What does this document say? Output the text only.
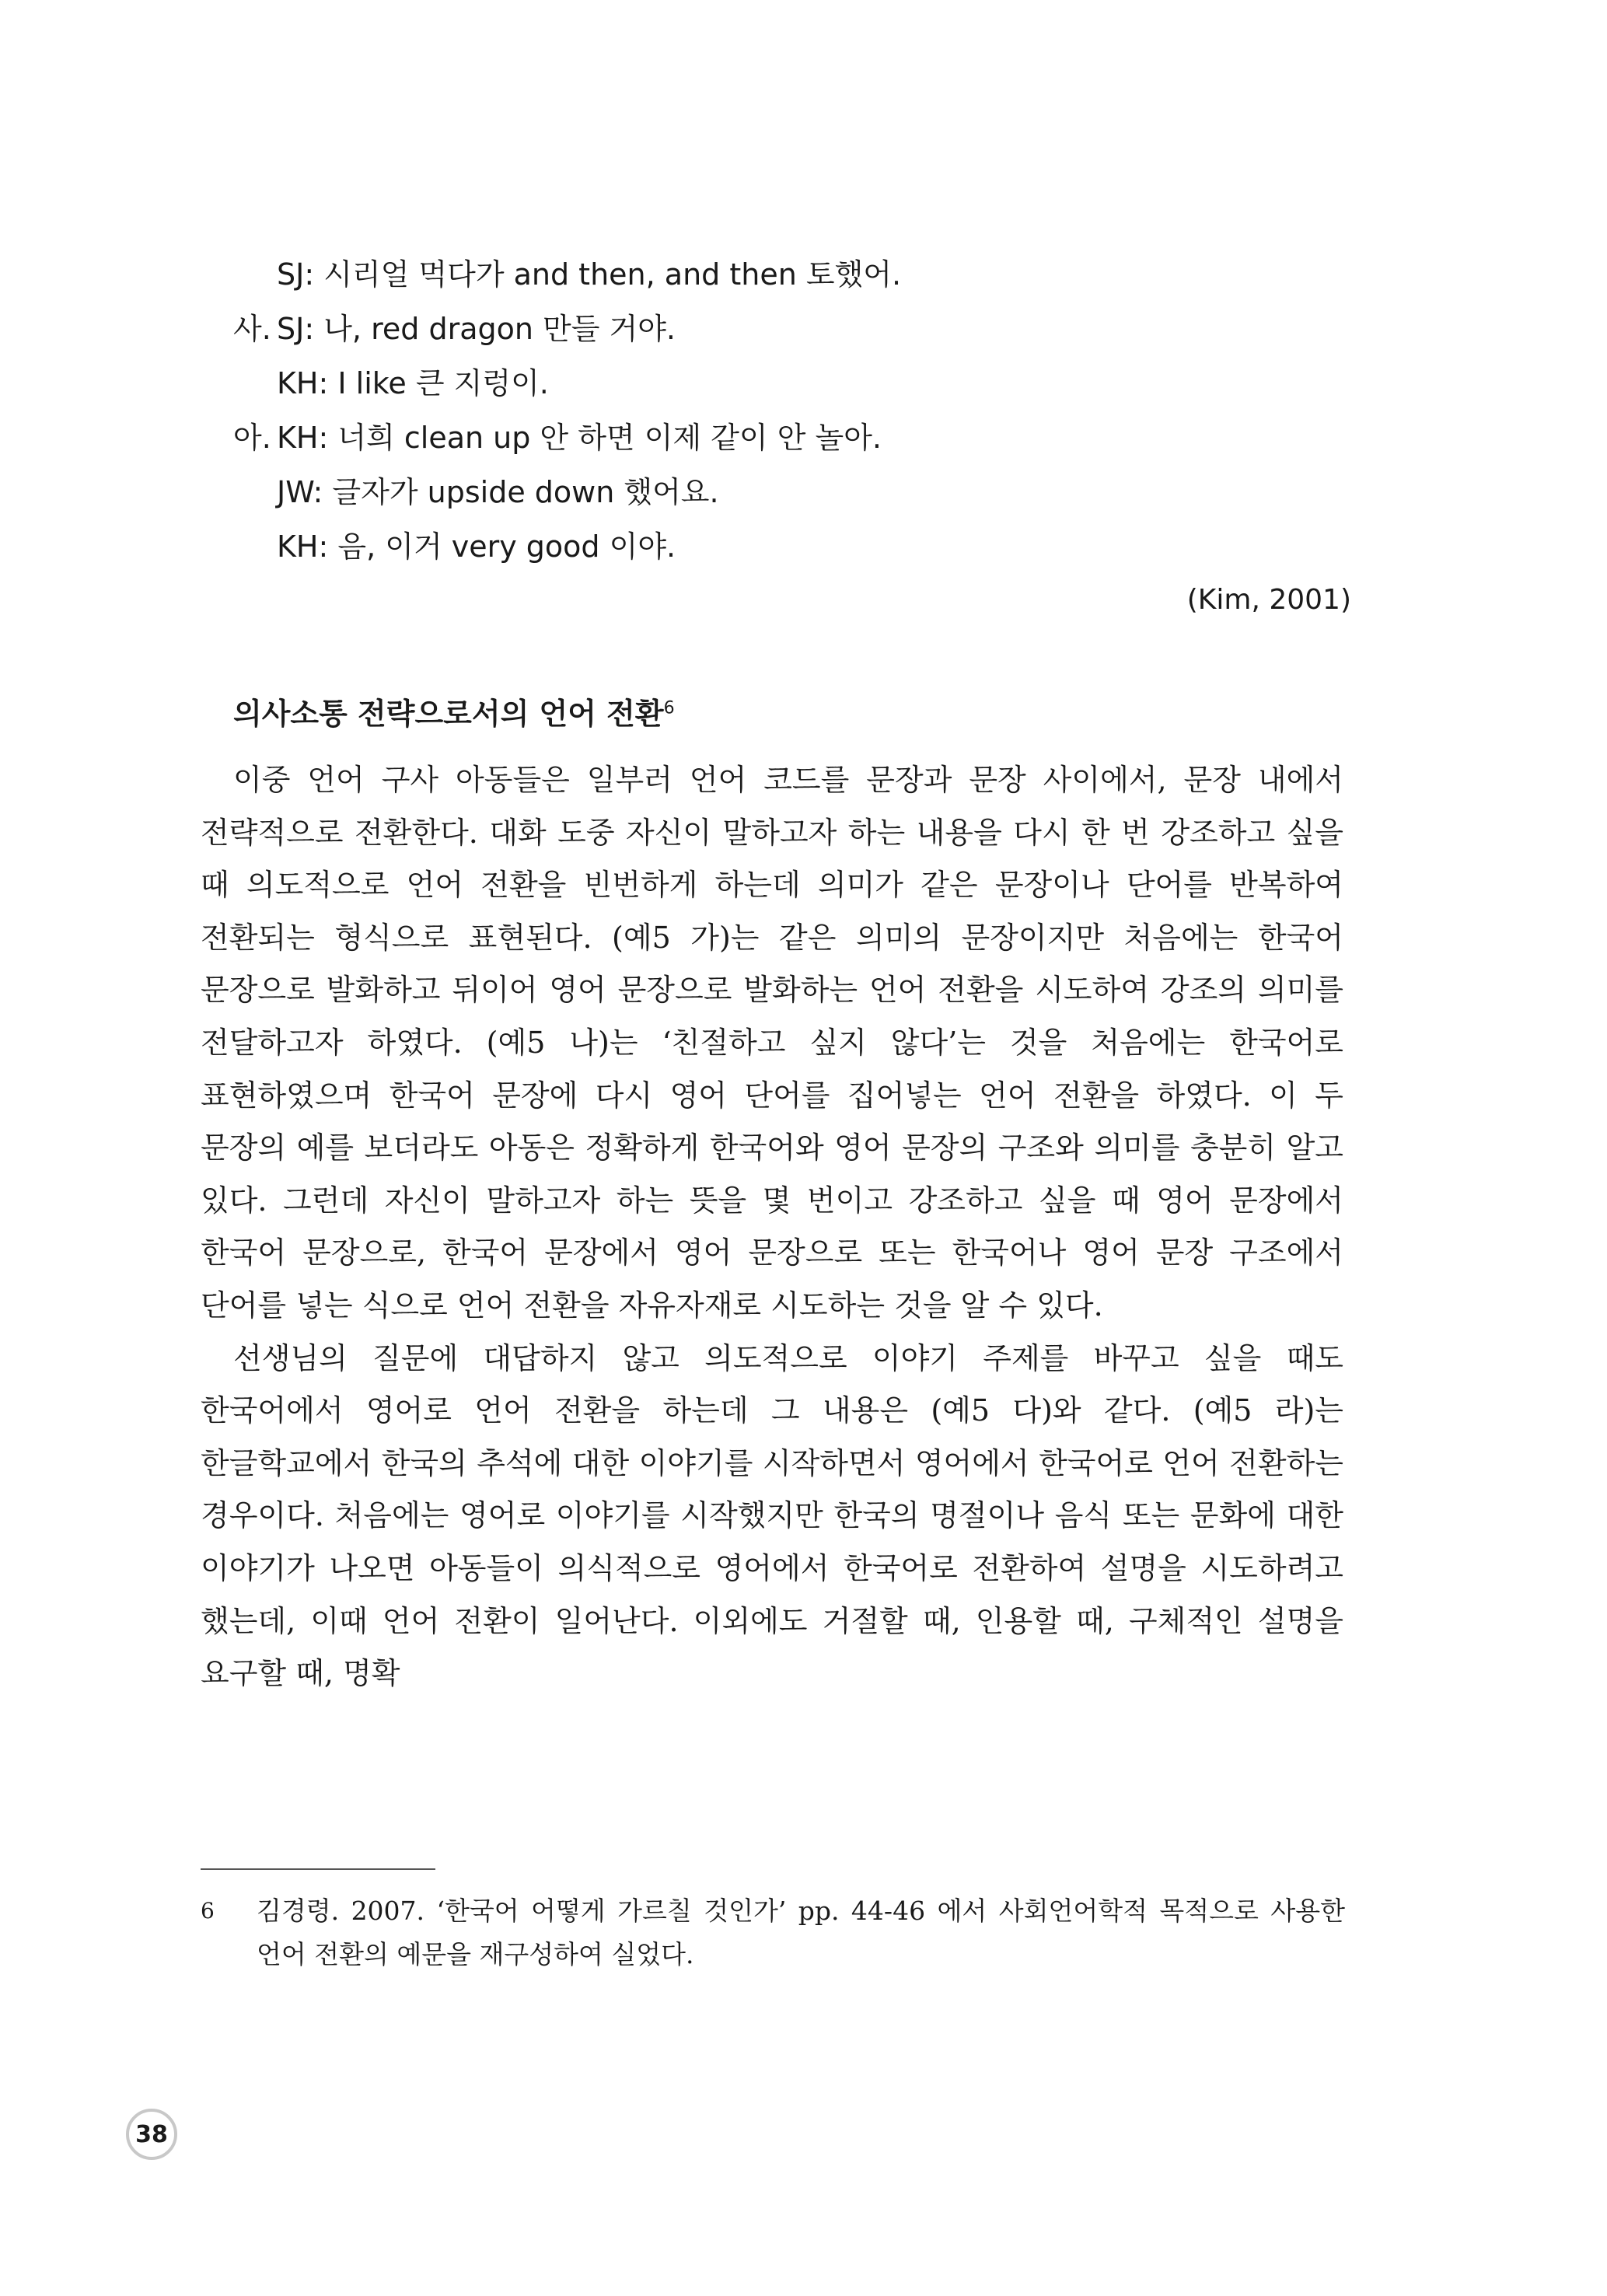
SJ: 시리얼 먹다가 and then, and then 토했어.
사. SJ: 나, red dragon 만들 거야.
KH: I like 큰 지렁이.
아. KH: 너희 clean up 안 하면 이제 같이 안 놀아.
JW: 글자가 upside down 했어요.
KH: 음, 이거 very good 이야.
(Kim, 2001)
의사소통 전략으로서의 언어 전환$^6$

이중 언어 구사 아동들은 일부러 언어 코드를 문장과 문장 사이에서, 문장 내에서 전략적으로 전환한다. 대화 도중 자신이 말하고자 하는 내용을 다시 한 번 강조하고 싶을 때 의도적으로 언어 전환을 빈번하게 하는데 의미가 같은 문장이나 단어를 반복하여 전환되는 형식으로 표현된다. (예5 가)는 같은 의미의 문장이지만 처음에는 한국어 문장으로 발화하고 뒤이어 영어 문장으로 발화하는 언어 전환을 시도하여 강조의 의미를 전달하고자 하였다. (예5 나)는 ‘친절하고 싶지 않다’는 것을 처음에는 한국어로 표현하였으며 한국어 문장에 다시 영어 단어를 집어넣는 언어 전환을 하였다. 이 두 문장의 예를 보더라도 아동은 정확하게 한국어와 영어 문장의 구조와 의미를 충분히 알고 있다. 그런데 자신이 말하고자 하는 뜻을 몇 번이고 강조하고 싶을 때 영어 문장에서 한국어 문장으로, 한국어 문장에서 영어 문장으로 또는 한국어나 영어 문장 구조에서 단어를 넣는 식으로 언어 전환을 자유자재로 시도하는 것을 알 수 있다.

선생님의 질문에 대답하지 않고 의도적으로 이야기 주제를 바꾸고 싶을 때도 한국어에서 영어로 언어 전환을 하는데 그 내용은 (예5 다)와 같다. (예5 라)는 한글학교에서 한국의 추석에 대한 이야기를 시작하면서 영어에서 한국어로 언어 전환하는 경우이다. 처음에는 영어로 이야기를 시작했지만 한국의 명절이나 음식 또는 문화에 대한 이야기가 나오면 아동들이 의식적으로 영어에서 한국어로 전환하여 설명을 시도하려고 했는데, 이때 언어 전환이 일어난다. 이외에도 거절할 때, 인용할 때, 구체적인 설명을 요구할 때, 명확

6 김경령. 2007. ‘한국어 어떻게 가르칠 것인가’ pp. 44-46 에서 사회언어학적 목적으로 사용한 언어 전환의 예문을 재구성하여 실었다.
38
